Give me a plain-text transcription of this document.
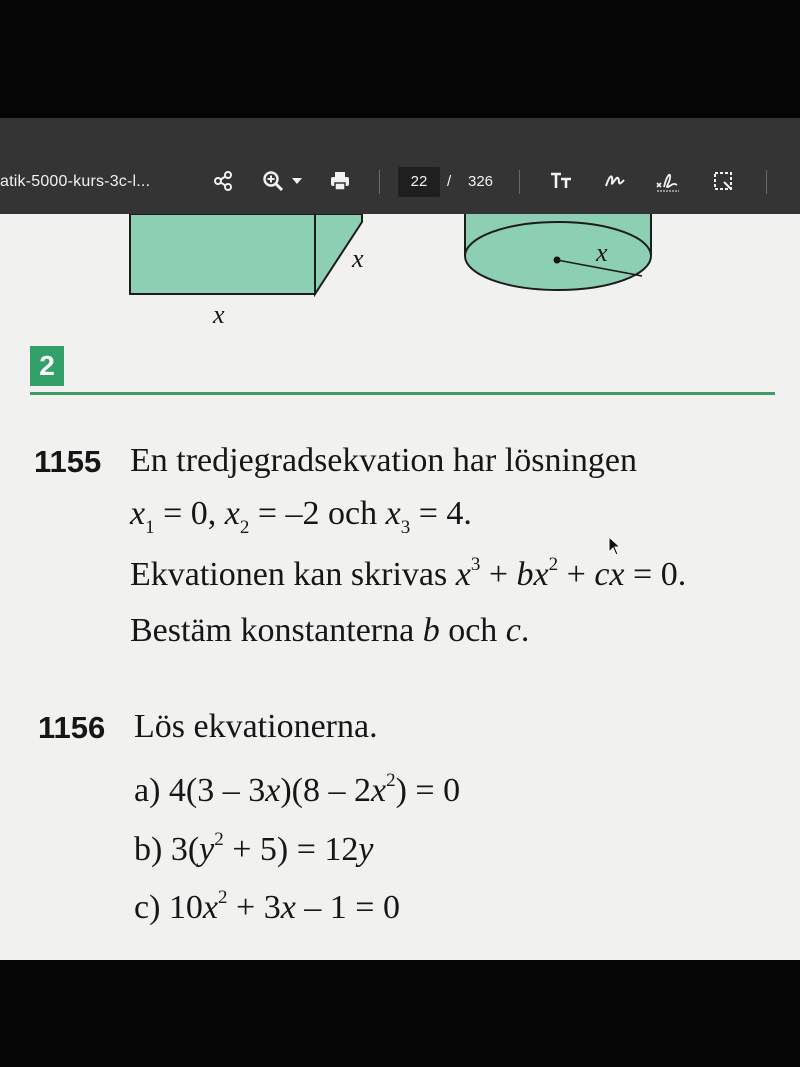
atik-5000-kurs-3c-l...	22	/ 326
x
x
x
2
1155 En tredjegradsekvation har lösningen
$x_1 = 0$, $x_2 = -2$ och $x_3 = 4$.
Ekvationen kan skrivas $x^3 + bx^2$ + cx = 0.
Bestäm konstanterna b och c.
1156 Lös ekvationerna.
a) $4(3 - 3x)(8 - 2x^2) = 0$
b) $3(y^2 + 5) = 12y$
c) $10x^2 + 3x - 1 = 0$
